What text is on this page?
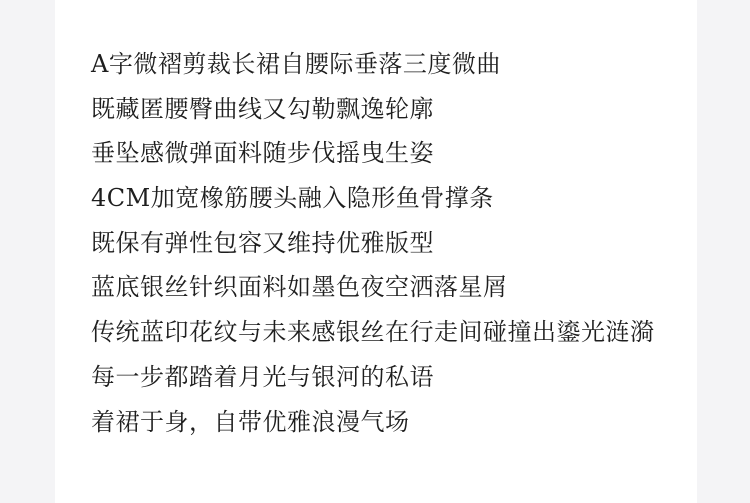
A字微褶剪裁长裙自腰际垂落三度微曲
既藏匿腰臀曲线又勾勒飘逸轮廓
垂坠感微弹面料随步伐摇曳生姿
4CM加宽橡筋腰头融入隐形鱼骨撑条
既保有弹性包容又维持优雅版型
蓝底银丝针织面料如墨色夜空洒落星屑
传统蓝印花纹与未来感银丝在行走间碰撞出鎏光涟漪
每一步都踏着月光与银河的私语
着裙于身，自带优雅浪漫气场
